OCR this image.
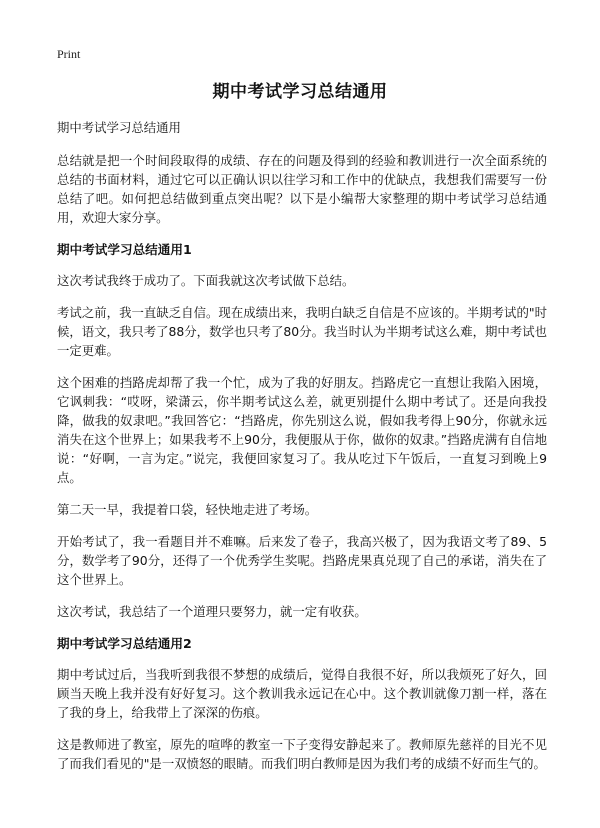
Print
期中考试学习总结通用

期中考试学习总结通用

总结就是把一个时间段取得的成绩、存在的问题及得到的经验和教训进行一次全面系统的总结的书面材料，通过它可以正确认识以往学习和工作中的优缺点，我想我们需要写一份总结了吧。如何把总结做到重点突出呢？以下是小编帮大家整理的期中考试学习总结通用，欢迎大家分享。

期中考试学习总结通用1

这次考试我终于成功了。下面我就这次考试做下总结。

考试之前，我一直缺乏自信。现在成绩出来，我明白缺乏自信是不应该的。半期考试的"时候，语文，我只考了88分，数学也只考了80分。我当时认为半期考试这么难，期中考试也一定更难。

这个困难的挡路虎却帮了我一个忙，成为了我的好朋友。挡路虎它一直想让我陷入困境，它讽刺我：“哎呀，梁潇云，你半期考试这么差，就更别提什么期中考试了。还是向我投降，做我的奴隶吧。”我回答它：“挡路虎，你先别这么说，假如我考得上90分，你就永远消失在这个世界上；如果我考不上90分，我便服从于你，做你的奴隶。”挡路虎满有自信地说：“好啊，一言为定。”说完，我便回家复习了。我从吃过下午饭后，一直复习到晚上9点。

第二天一早，我提着口袋，轻快地走进了考场。

开始考试了，我一看题目并不难嘛。后来发了卷子，我高兴极了，因为我语文考了89、5分，数学考了90分，还得了一个优秀学生奖呢。挡路虎果真兑现了自己的承诺，消失在了这个世界上。

这次考试，我总结了一个道理只要努力，就一定有收获。

期中考试学习总结通用2

期中考试过后，当我听到我很不梦想的成绩后，觉得自我很不好，所以我烦死了好久，回顾当天晚上我并没有好好复习。这个教训我永远记在心中。这个教训就像刀割一样，落在了我的身上，给我带上了深深的伤痕。

这是教师进了教室，原先的喧哗的教室一下子变得安静起来了。教师原先慈祥的目光不见了而我们看见的"是一双愤怒的眼睛。而我们明白教师是因为我们考的成绩不好而生气的。
